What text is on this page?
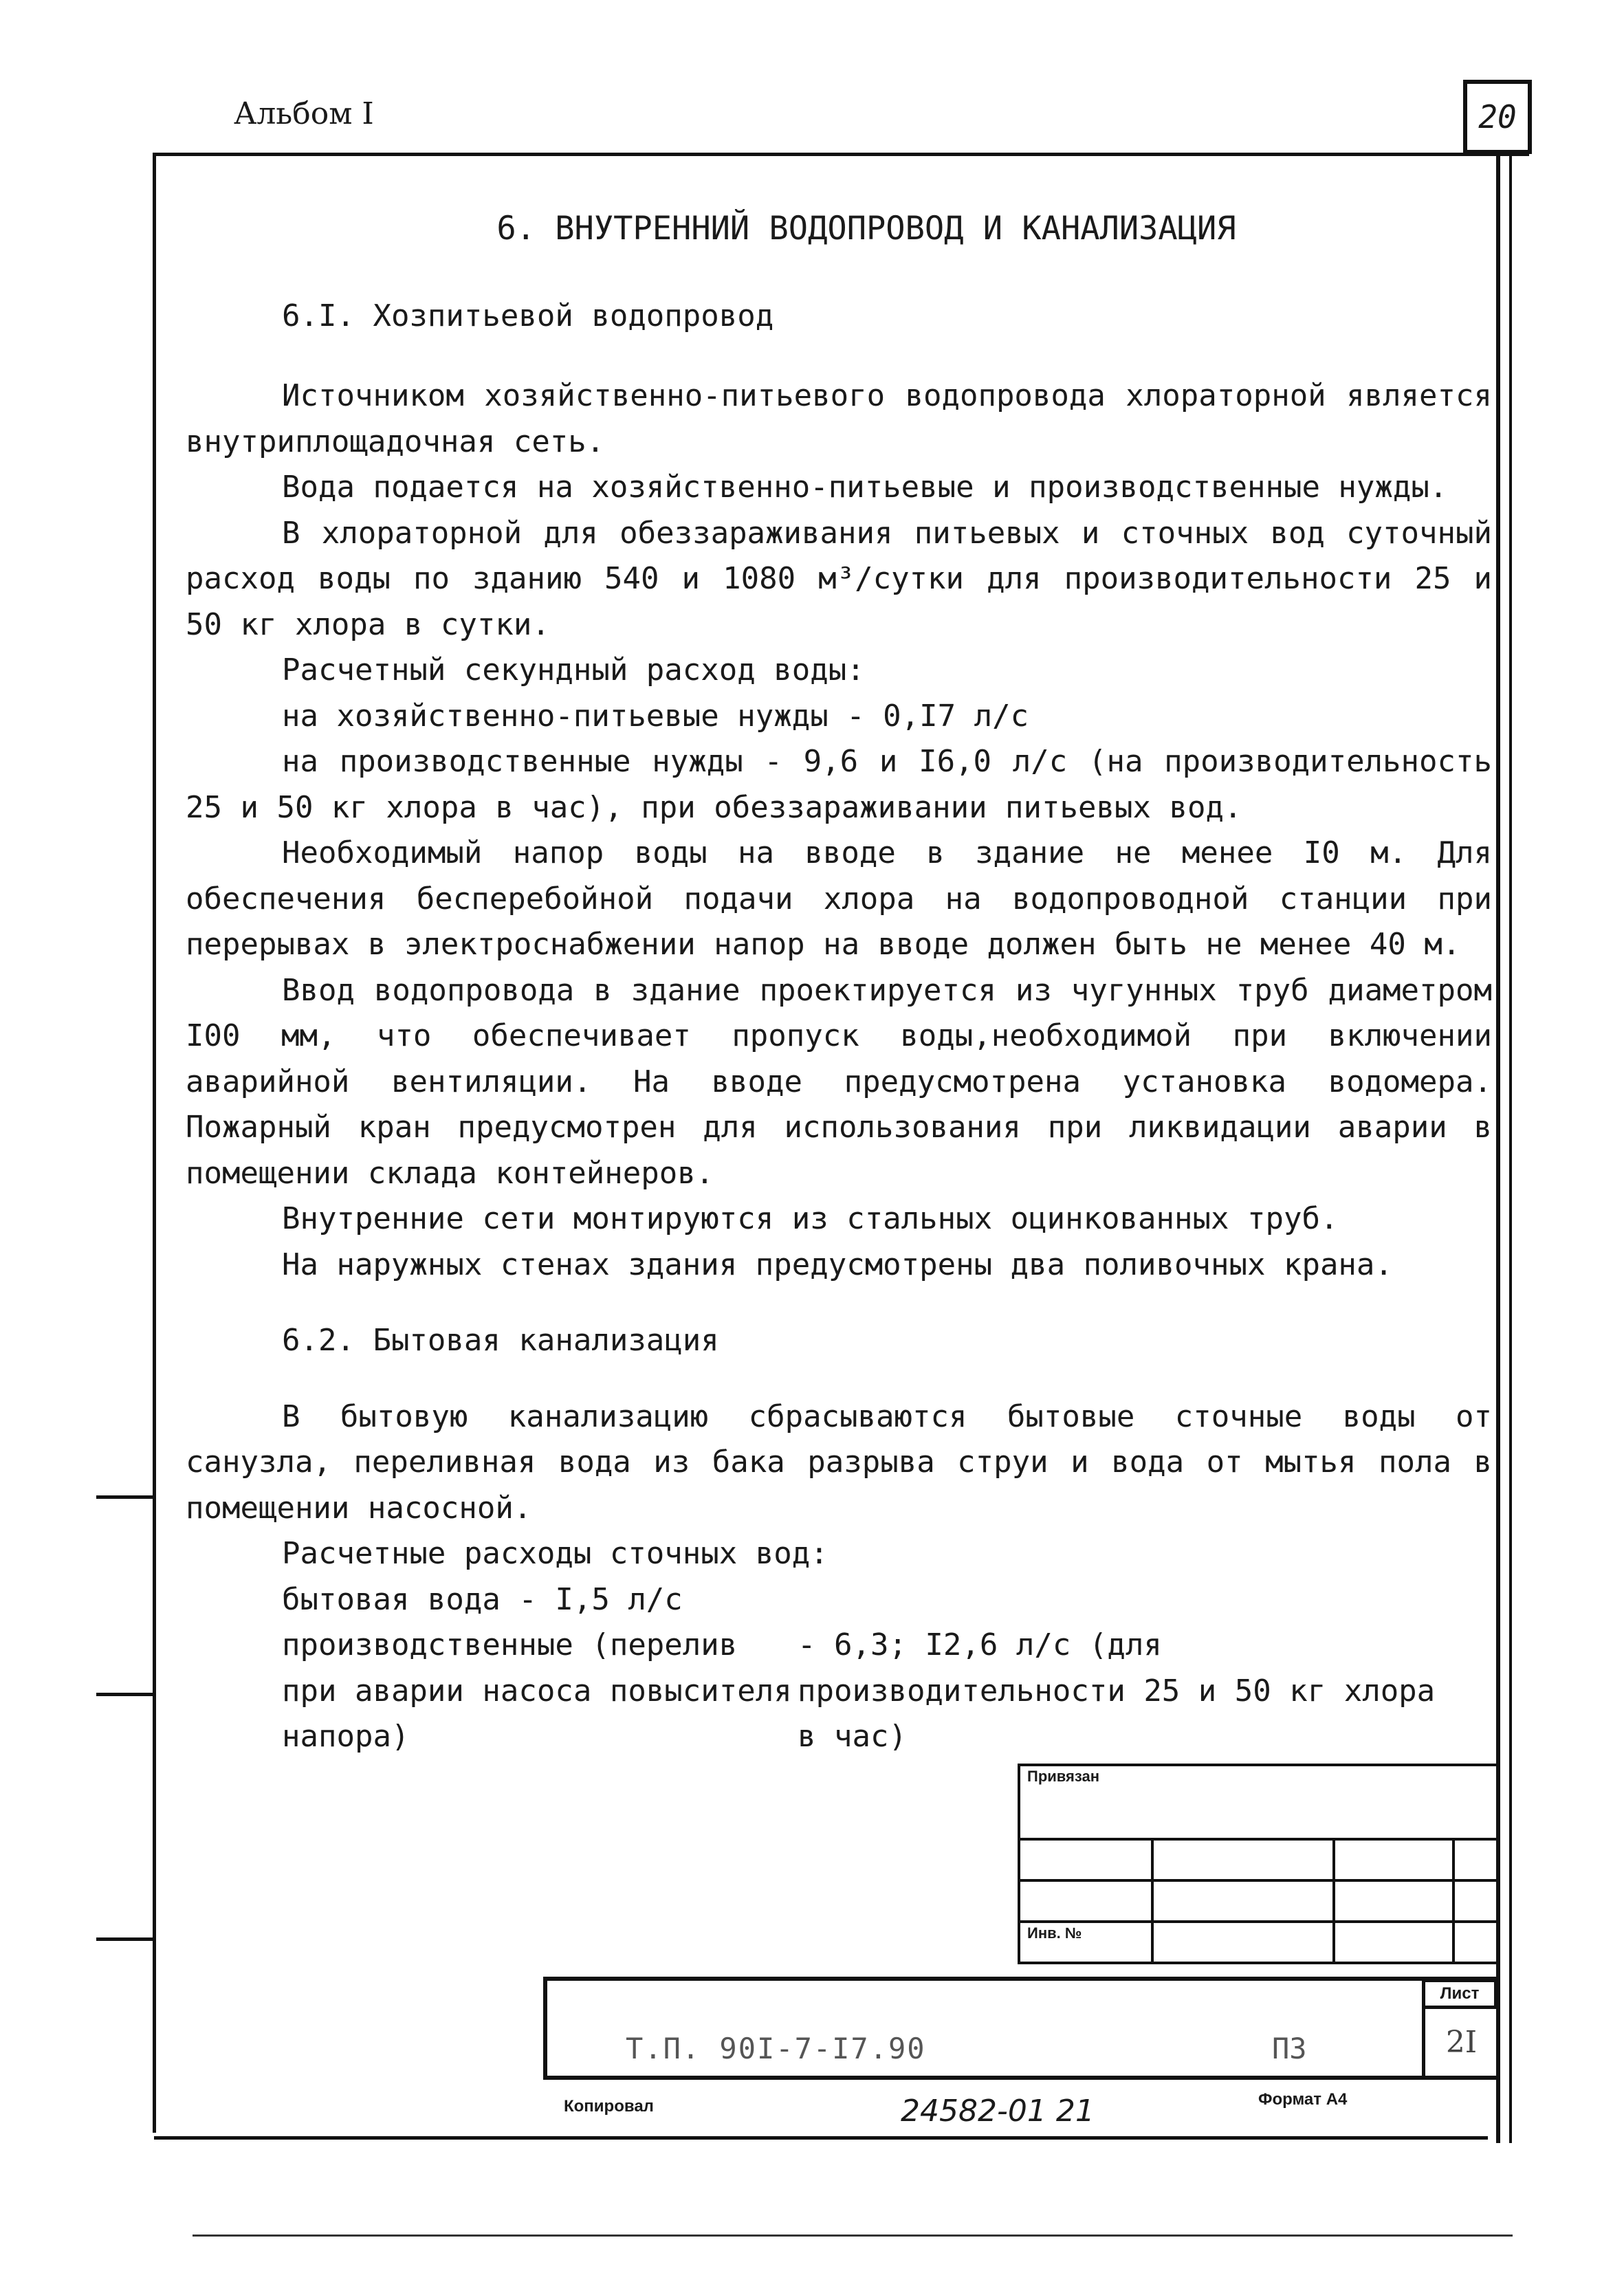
Альбом I	20
6. ВНУТРЕННИЙ ВОДОПРОВОД И КАНАЛИЗАЦИЯ
6.I. Хозпитьевой водопровод

Источником хозяйственно-питьевого водопровода хлораторной является внутриплощадочная сеть.

Вода подается на хозяйственно-питьевые и производственные нужды.

В хлораторной для обеззараживания питьевых и сточных вод суточный расход воды по зданию 540 и 1080 м³/сутки для производительности 25 и 50 кг хлора в сутки.

Расчетный секундный расход воды:

на хозяйственно-питьевые нужды - 0,I7 л/с

на производственные нужды - 9,6 и I6,0 л/с (на производительность 25 и 50 кг хлора в час), при обеззараживании питьевых вод.

Необходимый напор воды на вводе в здание не менее I0 м. Для обеспечения бесперебойной подачи хлора на водопроводной станции при перерывах в электроснабжении напор на вводе должен быть не менее 40 м.

Ввод водопровода в здание проектируется из чугунных труб диаметром I00 мм, что обеспечивает пропуск воды,необходимой при включении аварийной вентиляции. На вводе предусмотрена установка водомера. Пожарный кран предусмотрен для использования при ликвидации аварии в помещении склада контейнеров.

Внутренние сети монтируются из стальных оцинкованных труб.

На наружных стенах здания предусмотрены два поливочных крана.

6.2. Бытовая канализация

В бытовую канализацию сбрасываются бытовые сточные воды от санузла, переливная вода из бака разрыва струи и вода от мытья пола в помещении насосной.

Расчетные расходы сточных вод:

бытовая вода - I,5 л/с

производственные (перелив при аварии насоса повысителя напора)
- 6,3; I2,6 л/с (для производительности 25 и 50 кг хлора в час)
Привязан			

Инв. №			
Т.П. 90I-7-I7.90	ПЗ
Лист
2I
Копировал	24582-01 21	Формат А4
